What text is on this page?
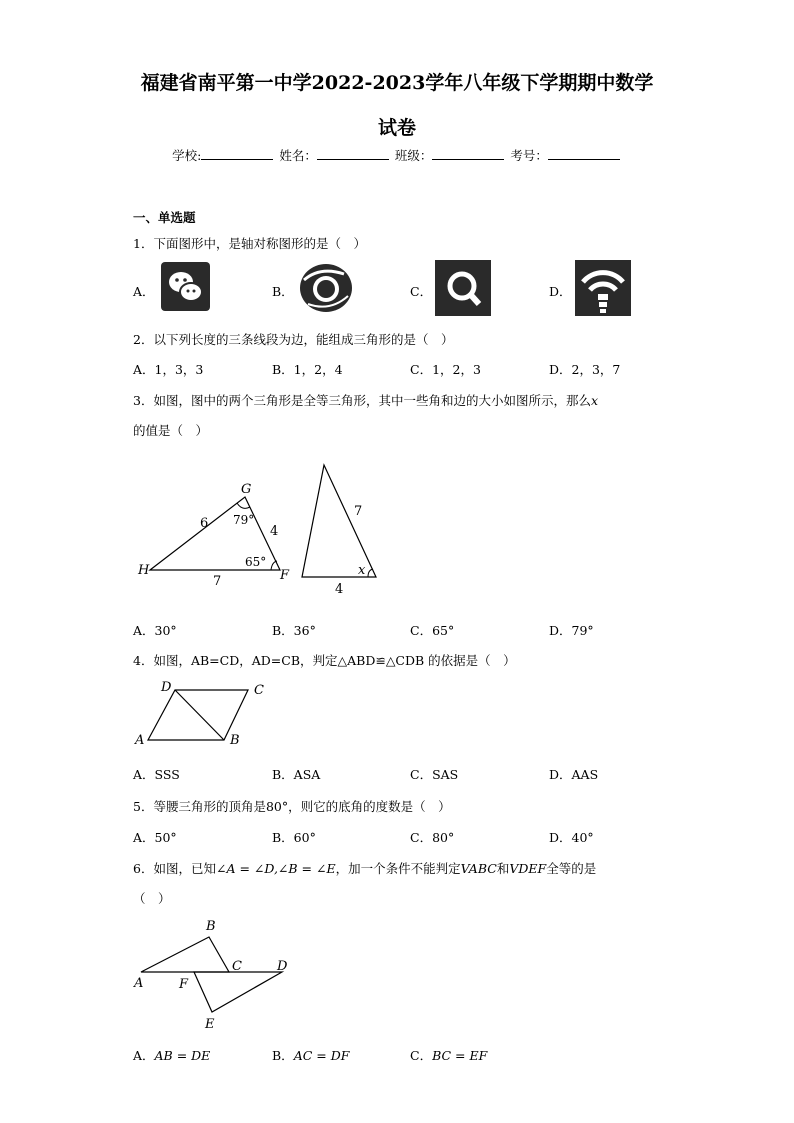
福建省南平第一中学2022-2023学年八年级下学期期中数学
试卷
学校:	姓名：	班级：	考号：
一、单选题
1．下面图形中，是轴对称图形的是（　）
A．	B．	C．	D．
2．以下列长度的三条线段为边，能组成三角形的是（　）
A．1，3，3	B．1，2，4	C．1，2，3	D．2，3，7
3．如图，图中的两个三角形是全等三角形，其中一些角和边的大小如图所示，那么x
的值是（　）
G
H	F
6
4
7
79°
65°
7
4
x
A．30°	B．36°	C．65°	D．79°
4．如图，AB=CD，AD=CB，判定△ABD≌△CDB 的依据是（　）
A	B
C
D
A．SSS	B．ASA	C．SAS	D．AAS
5．等腰三角形的顶角是80°，则它的底角的度数是（　）
A．50°	B．60°	C．80°	D．40°
6．如图，已知∠A = ∠D,∠B = ∠E，加一个条件不能判定VABC和VDEF全等的是
（　）
A
B
C	D
E
F
A．AB = DE	B．AC = DF	C．BC = EF
